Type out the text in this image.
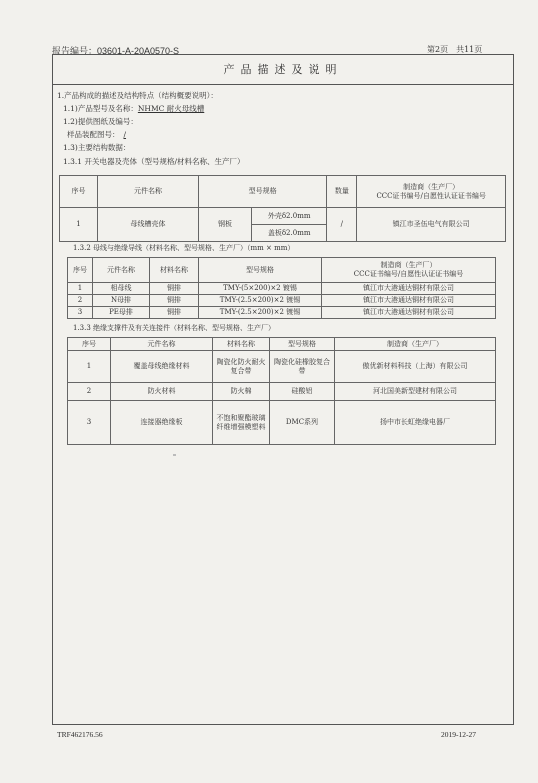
报告编号：03601-A-20A0570-S	第2页 共11页
产品描述及说明
1.产品构成的描述及结构特点（结构概要说明）：
1.1)产品型号及名称：NHMC 耐火母线槽
1.2)提供图纸及编号：
样品装配图号： /
1.3)主要结构数据：
1.3.1 开关电器及壳体（型号规格/材料名称、生产厂）
序号	元件名称	型号规格		数量	制造商（生产厂）
CCC证书编号/自愿性认证证书编号

1	母线槽壳体	钢板	外壳δ2.0mm	/	镇江市圣伍电气有限公司
			盖板δ2.0mm		
1.3.2 母线与绝缘导线（材料名称、型号规格、生产厂）（mm × mm）
序号	元件名称	材料名称	型号规格	制造商（生产厂）
CCC证书编号/自愿性认证证书编号

1	相母线	铜排	TMY-(5×200)×2 镀锡	镇江市大港通达铜材有限公司
2	N母排	铜排	TMY-(2.5×200)×2 镀锡	镇江市大港通达铜材有限公司
3	PE母排	铜排	TMY-(2.5×200)×2 镀锡	镇江市大港通达铜材有限公司
1.3.3 绝缘支撑件及有关连接件（材料名称、型号规格、生产厂）
序号	元件名称	材料名称	型号规格	制造商（生产厂）
1	覆盖母线绝缘材料	陶瓷化防火耐火复合带	陶瓷化硅橡胶复合带	傲优新材料科技（上海）有限公司
2	防火材料	防火棉	硅酸铝	河北国美新型建材有限公司
3	连接器绝缘板	不饱和聚酯玻璃纤维增强模塑料	DMC系列	扬中市长虹绝缘电器厂
TRF462176.56	2019-12-27
